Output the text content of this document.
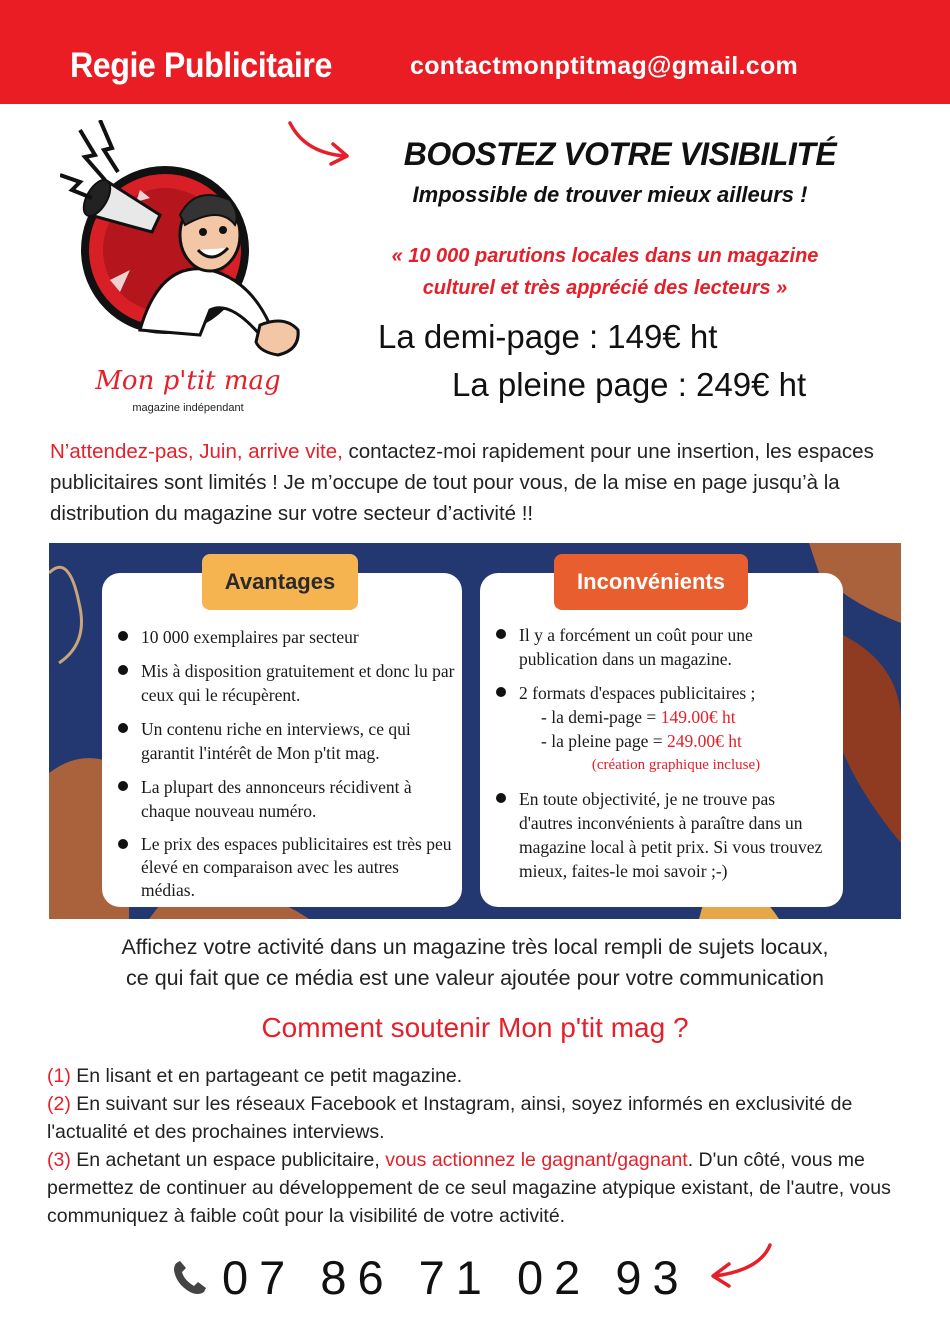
Regie Publicitaire	contactmonptitmag@gmail.com
Mon p'tit mag
magazine indépendant
BOOSTEZ VOTRE VISIBILITÉ
Impossible de trouver mieux ailleurs !
« 10 000 parutions locales dans un magazine
culturel et très apprécié des lecteurs »
La demi-page : 149€ ht
La pleine page : 249€ ht
N’attendez-pas, Juin, arrive vite, contactez-moi rapidement pour une insertion, les espaces publicitaires sont limités ! Je m’occupe de tout pour vous, de la mise en page jusqu’à la distribution du magazine sur votre secteur d’activité !!
Avantages	Inconvénients
10 000 exemplaires par secteur
Mis à disposition gratuitement et donc lu par ceux qui le récupèrent.
Un contenu riche en interviews, ce qui garantit l'intérêt de Mon p'tit mag.
La plupart des annonceurs récidivent à chaque nouveau numéro.
Le prix des espaces publicitaires est très peu élevé en comparaison avec les autres médias.
Il y a forcément un coût pour une publication dans un magazine.
2 formats d'espaces publicitaires ;
- la demi-page = 149.00€ ht
- la pleine page = 249.00€ ht
(création graphique incluse)
En toute objectivité, je ne trouve pas d'autres inconvénients à paraître dans un magazine local à petit prix. Si vous trouvez mieux, faites-le moi savoir ;-)
Affichez votre activité dans un magazine très local rempli de sujets locaux,
ce qui fait que ce média est une valeur ajoutée pour votre communication
Comment soutenir Mon p'tit mag ?
(1) En lisant et en partageant ce petit magazine.
(2) En suivant sur les réseaux Facebook et Instagram, ainsi, soyez informés en exclusivité de l'actualité et des prochaines interviews.
(3) En achetant un espace publicitaire, vous actionnez le gagnant/gagnant. D'un côté, vous me permettez de continuer au développement de ce seul magazine atypique existant, de l'autre, vous communiquez à faible coût pour la visibilité de votre activité.
07 86 71 02 93
